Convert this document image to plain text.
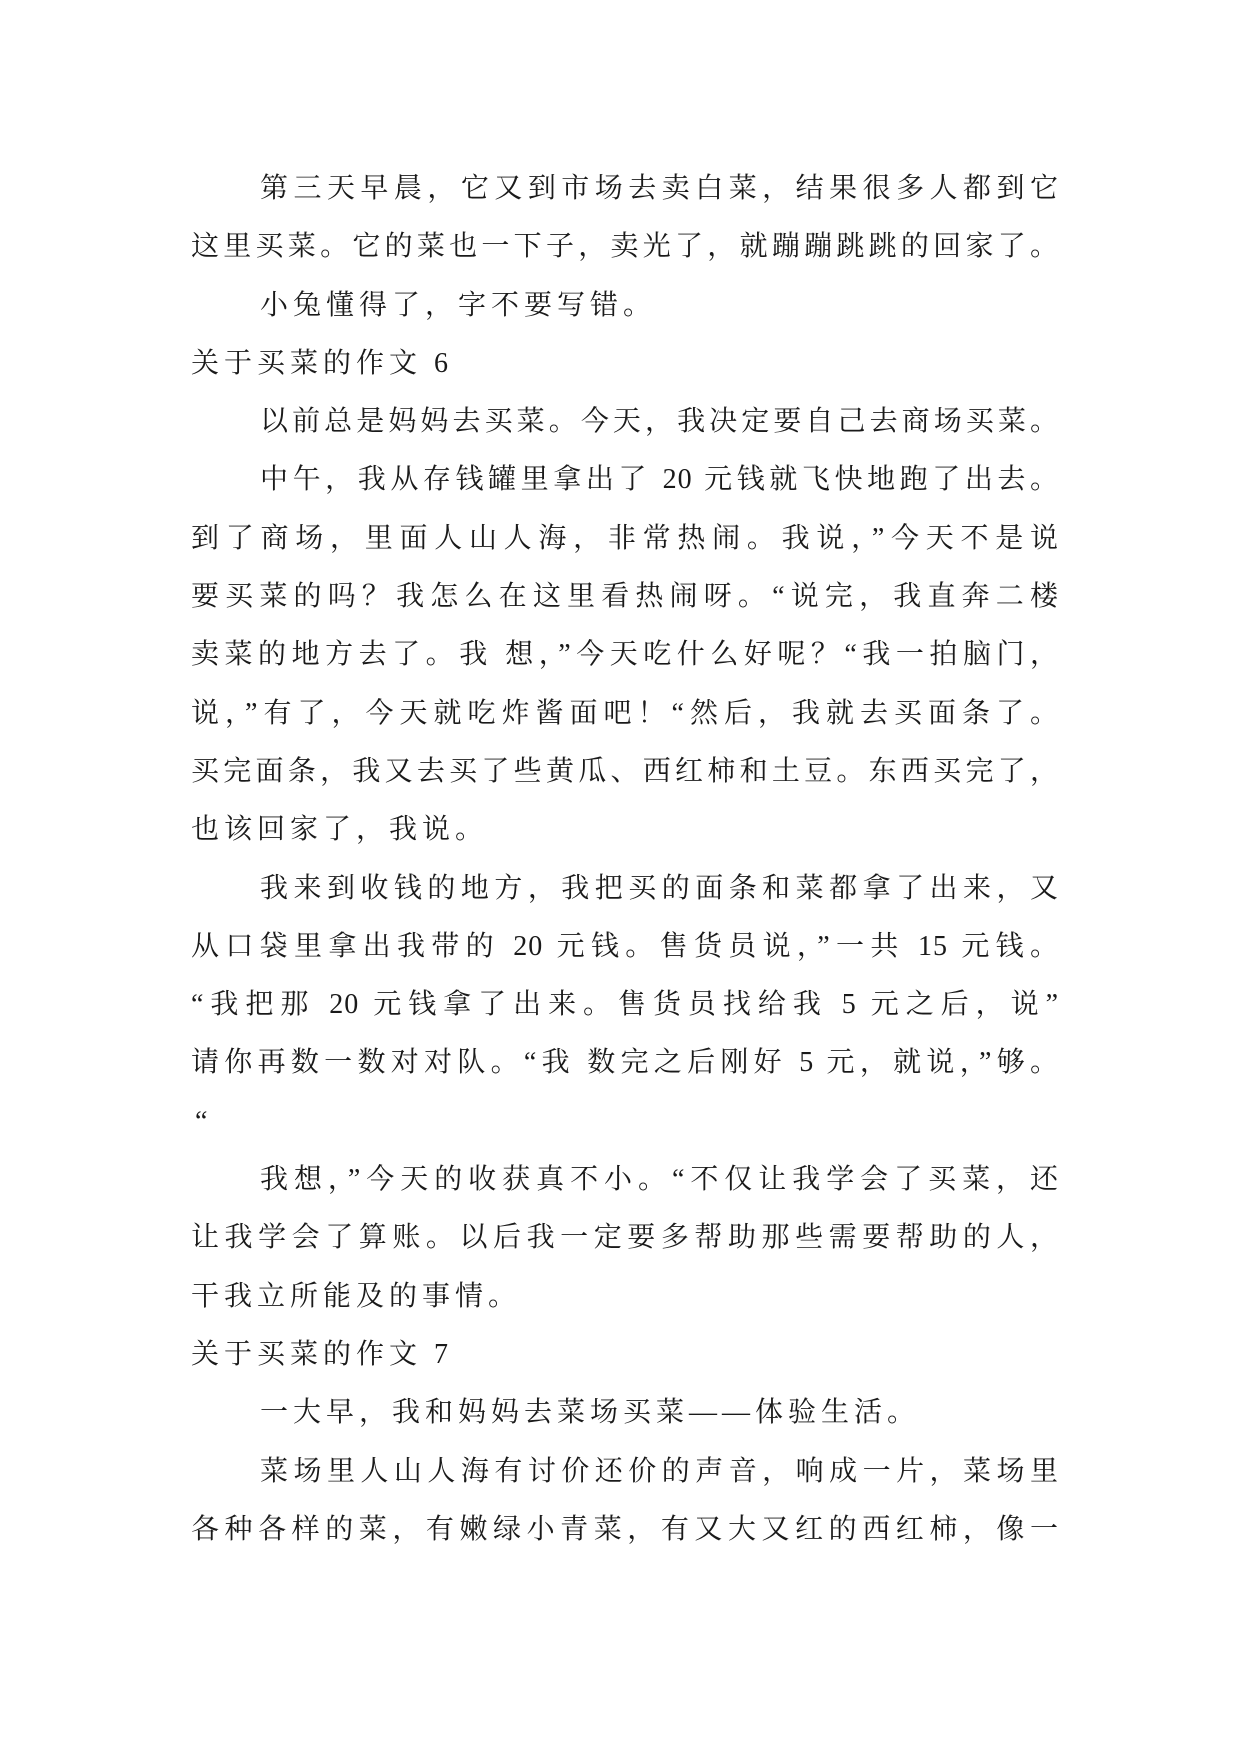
第三天早晨，它又到市场去卖白菜，结果很多人都到它
这里买菜。它的菜也一下子，卖光了，就蹦蹦跳跳的回家了。
小兔懂得了，字不要写错。
关于买菜的作文 6
以前总是妈妈去买菜。今天，我决定要自己去商场买菜。
中午，我从存钱罐里拿出了 20 元钱就飞快地跑了出去。
到了商场，里面人山人海，非常热闹。我说，”今天不是说
要买菜的吗？我怎么在这里看热闹呀。“说完，我直奔二楼
卖菜的地方去了。我 想，”今天吃什么好呢？“我一拍脑门，
说，”有了，今天就吃炸酱面吧！“然后，我就去买面条了。
买完面条，我又去买了些黄瓜、西红柿和土豆。东西买完了，
也该回家了，我说。
我来到收钱的地方，我把买的面条和菜都拿了出来，又
从口袋里拿出我带的 20 元钱。售货员说，”一共 15 元钱。
“我把那 20 元钱拿了出来。售货员找给我 5 元之后，说”
请你再数一数对对队。“我 数完之后刚好 5 元，就说，”够。
“
我想，”今天的收获真不小。“不仅让我学会了买菜，还
让我学会了算账。以后我一定要多帮助那些需要帮助的人，
干我立所能及的事情。
关于买菜的作文 7
一大早，我和妈妈去菜场买菜——体验生活。
菜场里人山人海有讨价还价的声音，响成一片，菜场里
各种各样的菜，有嫩绿小青菜，有又大又红的西红柿，像一
